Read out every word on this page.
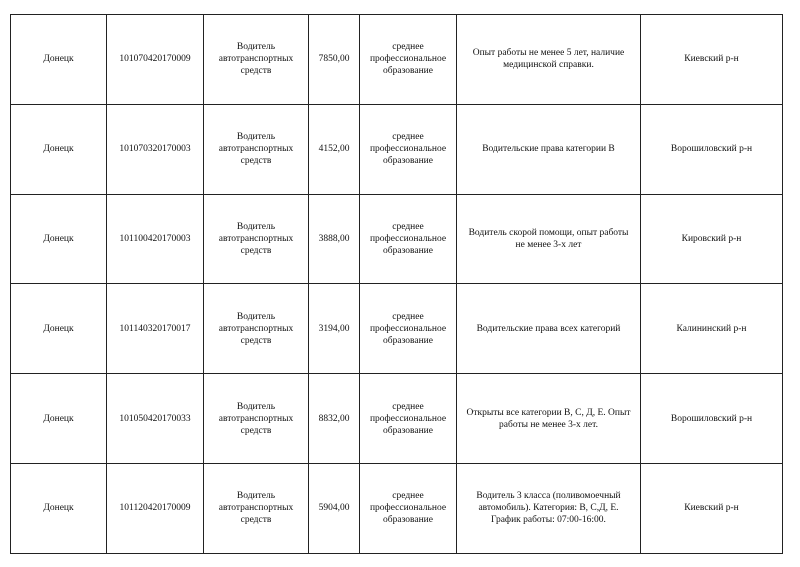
Донецк	101070420170009	Водитель автотранспортных средств	7850,00	среднее профессиональное образование	Опыт работы не менее 5 лет, наличие медицинской справки.	Киевский р-н
Донецк	101070320170003	Водитель автотранспортных средств	4152,00	среднее профессиональное образование	Водительские права категории В	Ворошиловский р-н
Донецк	101100420170003	Водитель автотранспортных средств	3888,00	среднее профессиональное образование	Водитель скорой помощи, опыт работы не менее 3-х лет	Кировский р-н
Донецк	101140320170017	Водитель автотранспортных средств	3194,00	среднее профессиональное образование	Водительские права всех категорий	Калининский р-н
Донецк	101050420170033	Водитель автотранспортных средств	8832,00	среднее профессиональное образование	Открыты все категории В, С, Д, Е. Опыт работы не менее 3-х лет.	Ворошиловский р-н
Донецк	101120420170009	Водитель автотранспортных средств	5904,00	среднее профессиональное образование	Водитель 3 класса (поливомоечный автомобиль). Категория: В, С,Д, Е. График работы: 07:00-16:00.	Киевский р-н
